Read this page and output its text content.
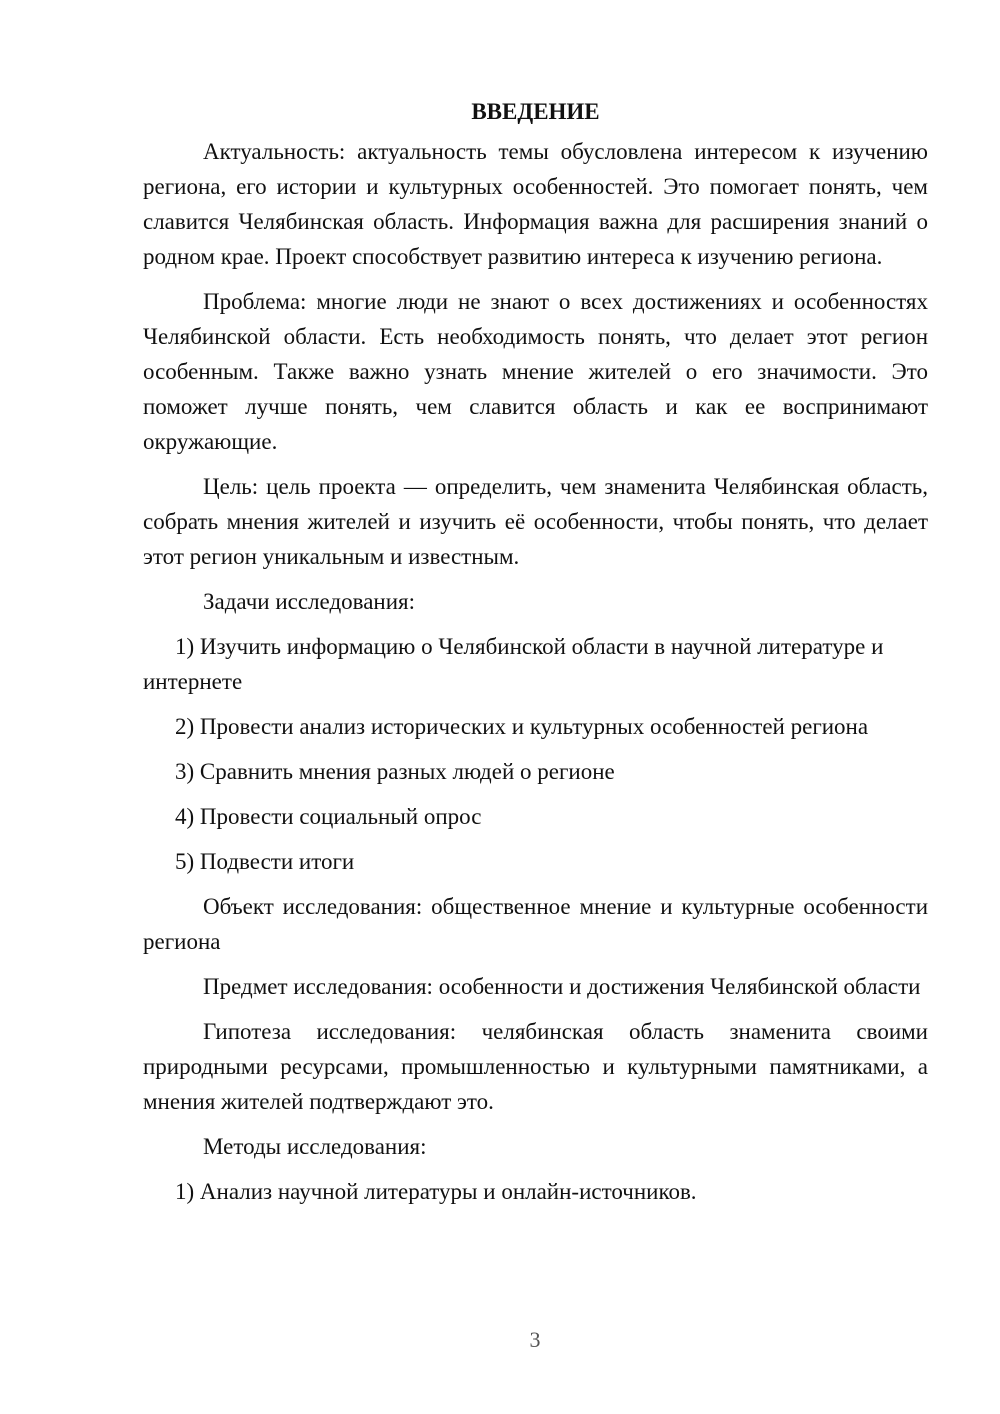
ВВЕДЕНИЕ

Актуальность: актуальность темы обусловлена интересом к изучению региона, его истории и культурных особенностей. Это помогает понять, чем славится Челябинская область. Информация важна для расширения знаний о родном крае. Проект способствует развитию интереса к изучению региона.

Проблема: многие люди не знают о всех достижениях и особенностях Челябинской области. Есть необходимость понять, что делает этот регион особенным. Также важно узнать мнение жителей о его значимости. Это поможет лучше понять, чем славится область и как ее воспринимают окружающие.

Цель: цель проекта — определить, чем знаменита Челябинская область, собрать мнения жителей и изучить её особенности, чтобы понять, что делает этот регион уникальным и известным.

Задачи исследования:

1) Изучить информацию о Челябинской области в научной литературе и интернете

2) Провести анализ исторических и культурных особенностей региона

3) Сравнить мнения разных людей о регионе

4) Провести социальный опрос

5) Подвести итоги

Объект исследования: общественное мнение и культурные особенности региона

Предмет исследования: особенности и достижения Челябинской области

Гипотеза исследования: челябинская область знаменита своими природными ресурсами, промышленностью и культурными памятниками, а мнения жителей подтверждают это.

Методы исследования:

1) Анализ научной литературы и онлайн-источников.

3
